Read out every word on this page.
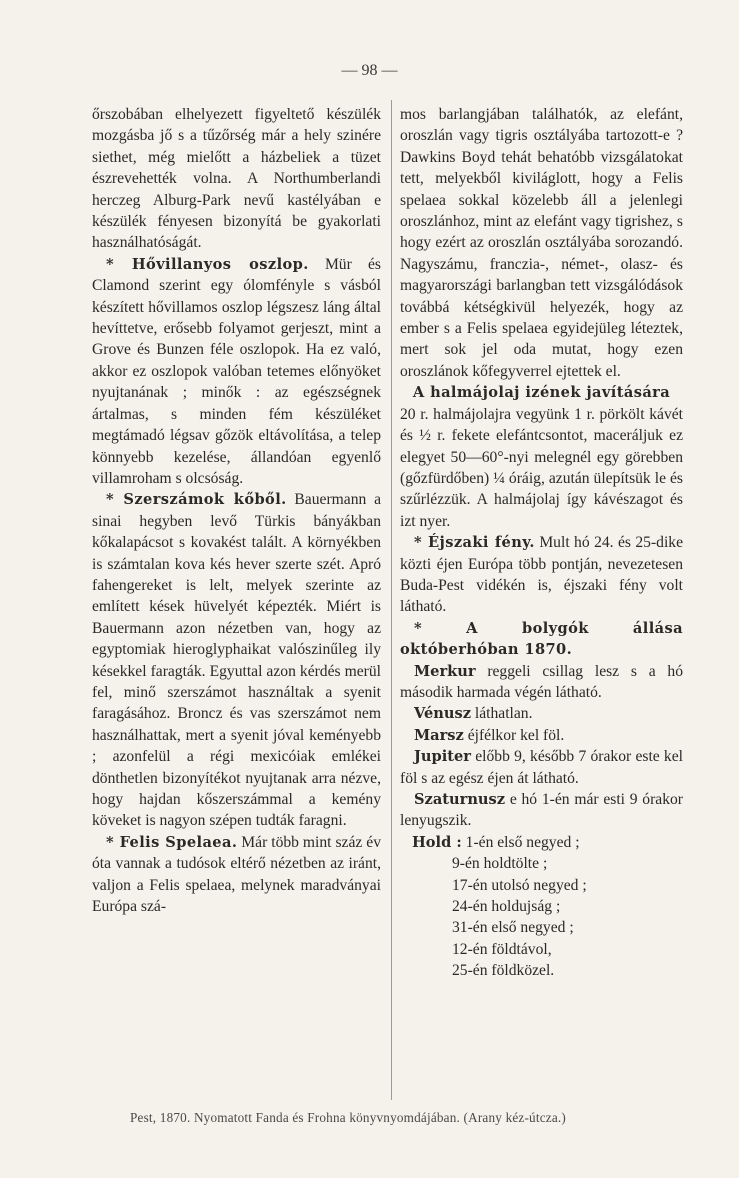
— 98 —

őrszobában elhelyezett figyeltető készülék mozgásba jő s a tűzőrség már a hely szinére siethet, még mielőtt a házbeliek a tüzet észrevehették volna. A Northumberlandi herczeg Alburg-Park nevű kastélyában e készülék fényesen bizonyítá be gyakorlati használhatóságát.

* Hővillanyos oszlop. Mür és Clamond szerint egy ólomfényle s vásból készített hővillamos oszlop légszesz láng által hevíttetve, erősebb folyamot gerjeszt, mint a Grove és Bunzen féle oszlopok. Ha ez való, akkor ez oszlopok valóban tetemes előnyöket nyujtanának ; minők : az egészségnek ártalmas, s minden fém készüléket megtámadó légsav gőzök eltávolítása, a telep könnyebb kezelése, állandóan egyenlő villamroham s olcsóság.

* Szerszámok kőből. Bauermann a sinai hegyben levő Türkis bányákban kőkalapácsot s kovakést talált. A környékben is számtalan kova kés hever szerte szét. Apró fahengereket is lelt, melyek szerinte az említett kések hüvelyét képezték. Miért is Bauermann azon nézetben van, hogy az egyptomiak hieroglyphaikat valószinűleg ily késekkel faragták. Egyuttal azon kérdés merül fel, minő szerszámot használtak a syenit faragásához. Broncz és vas szerszámot nem használhattak, mert a syenit jóval keményebb ; azonfelül a régi mexicóiak emlékei dönthetlen bizonyítékot nyujtanak arra nézve, hogy hajdan kőszerszámmal a kemény köveket is nagyon szépen tudták faragni.

* Felis Spelaea. Már több mint száz év óta vannak a tudósok eltérő nézetben az iránt, valjon a Felis spelaea, melynek maradványai Európa szá-

mos barlangjában találhatók, az elefánt, oroszlán vagy tigris osztályába tartozott-e ? Dawkins Boyd tehát behatóbb vizsgálatokat tett, melyekből kiviláglott, hogy a Felis spelaea sokkal közelebb áll a jelenlegi oroszlánhoz, mint az elefánt vagy tigrishez, s hogy ezért az oroszlán osztályába sorozandó. Nagyszámu, franczia-, német-, olasz- és magyarországi barlangban tett vizsgálódások továbbá kétségkivül helyezék, hogy az ember s a Felis spelaea egyidejüleg léteztek, mert sok jel oda mutat, hogy ezen oroszlánok kőfegyverrel ejtettek el.

A halmájolaj izének javítására

20 r. halmájolajra vegyünk 1 r. pörkölt kávét és ½ r. fekete elefántcsontot, maceráljuk ez elegyet 50—60°-nyi melegnél egy görebben (gőzfürdőben) ¼ óráig, azután ülepítsük le és szűrlézzük. A halmájolaj így kávészagot és izt nyer.

* Éjszaki fény. Mult hó 24. és 25-dike közti éjen Európa több pontján, nevezetesen Buda-Pest vidékén is, éjszaki fény volt látható.

* A bolygók állása októberhóban 1870.

Merkur reggeli csillag lesz s a hó második harmada végén látható.

Vénusz láthatlan.

Marsz éjfélkor kel föl.

Jupiter előbb 9, később 7 órakor este kel föl s az egész éjen át látható.

Szaturnusz e hó 1-én már esti 9 órakor lenyugszik.

Hold : 1-én első negyed ;
9-én holdtölte ;
17-én utolsó negyed ;
24-én holdujság ;
31-én első negyed ;
12-én földtávol,
25-én földközel.
Pest, 1870. Nyomatott Fanda és Frohna könyvnyomdájában. (Arany kéz-útcza.)
